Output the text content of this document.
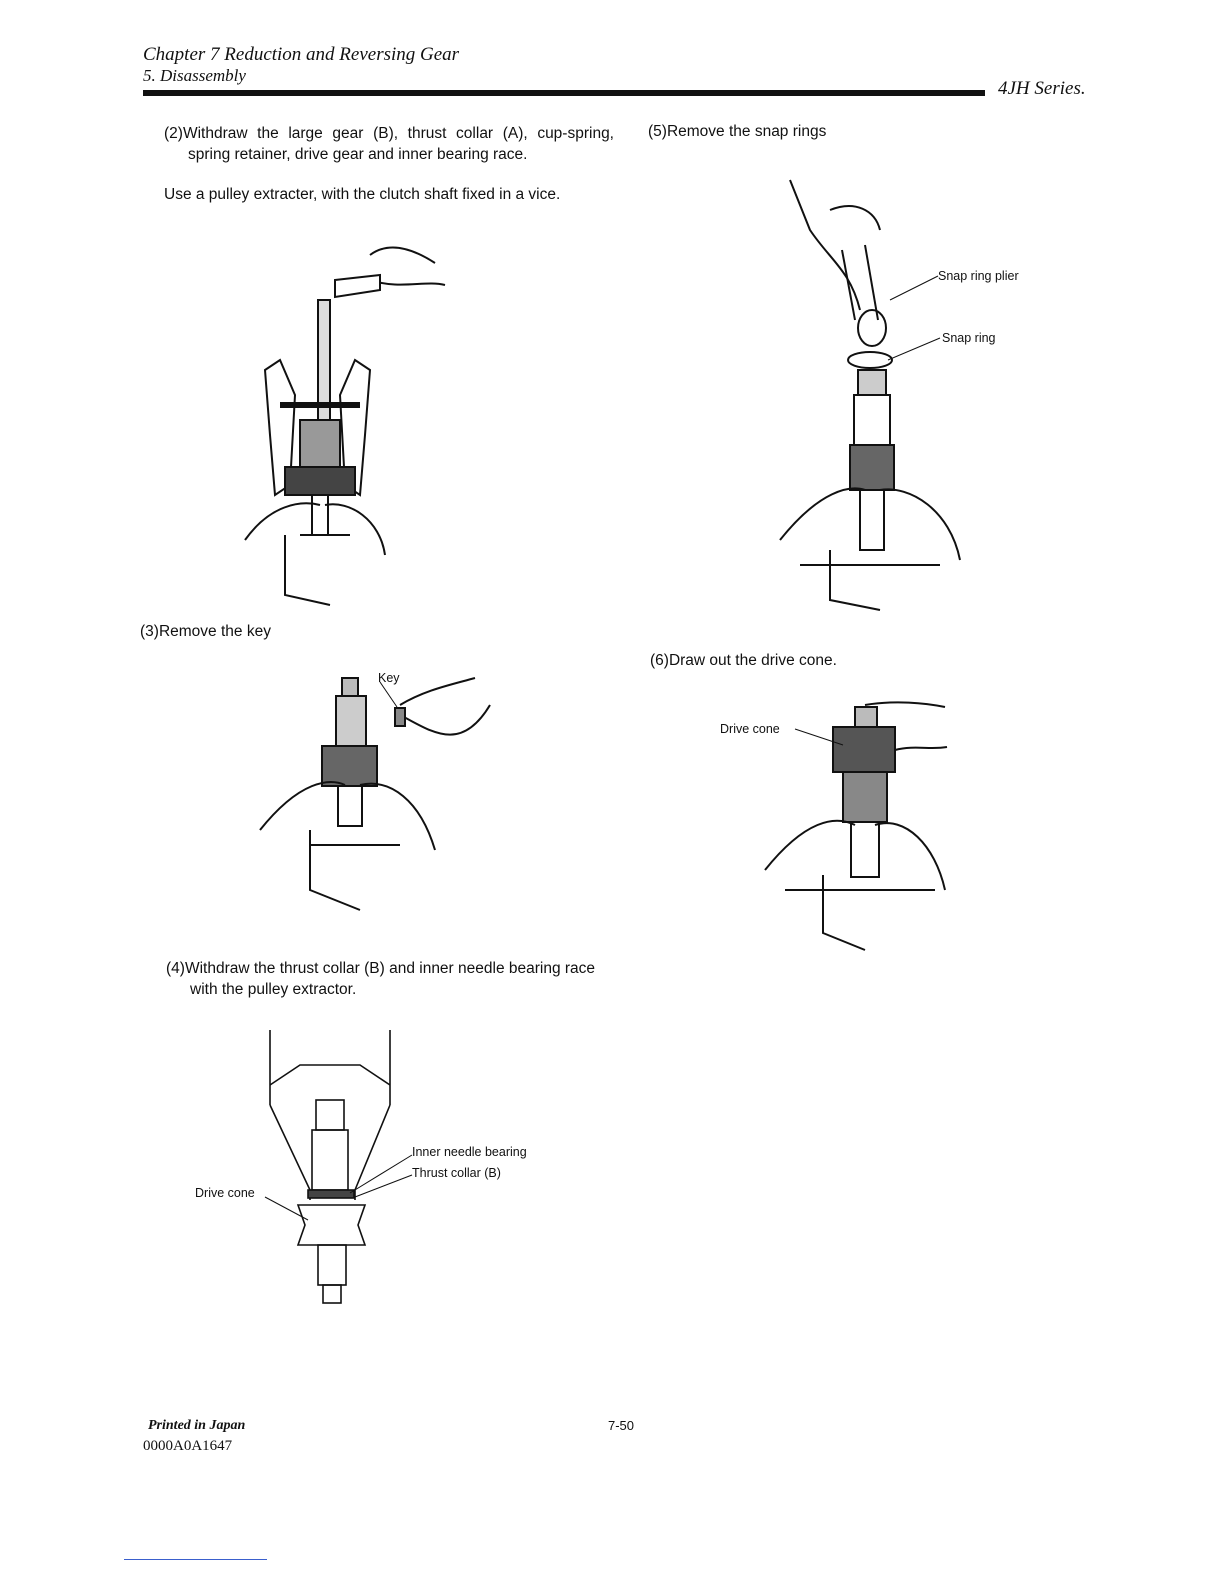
Chapter 7 Reduction and Reversing Gear
5. Disassembly
4JH Series.
(2)Withdraw the large gear (B), thrust collar (A), cup-spring, spring retainer, drive gear and inner bearing race.
Use a pulley extracter, with the clutch shaft fixed in a vice.
(3)Remove the key
Key
(4)Withdraw the thrust collar (B) and inner needle bearing race with the pulley extractor.
Drive cone
Inner needle bearing
Thrust collar (B)
(5)Remove the snap rings
Snap ring plier
Snap ring
(6)Draw out the drive cone.
Drive cone
Printed in Japan
0000A0A1647
7-50
